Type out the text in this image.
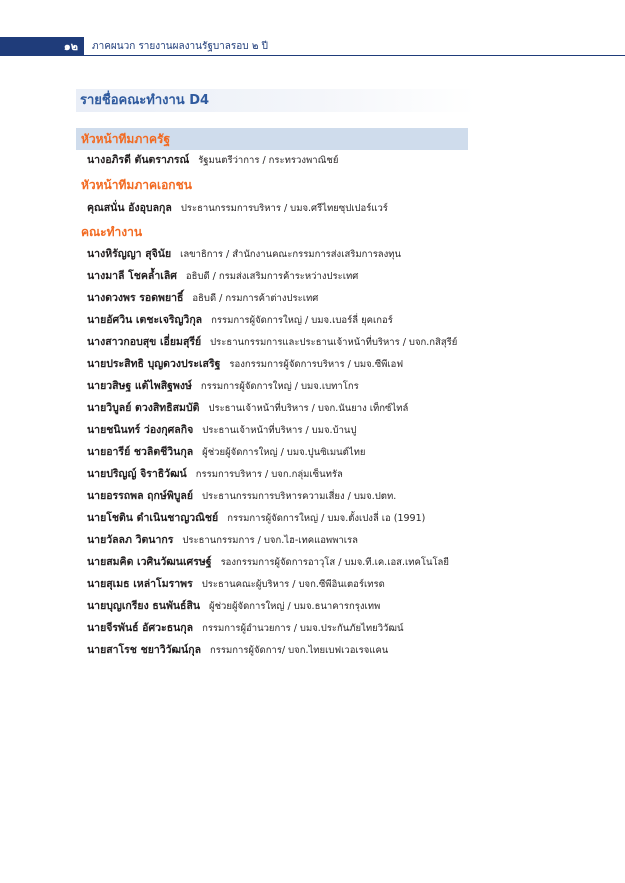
๑๒	ภาคผนวก รายงานผลงานรัฐบาลรอบ ๒ ปี
รายชื่อคณะทำงาน D4
หัวหน้าทีมภาครัฐ
นางอภิรดี ตันตราภรณ์ รัฐมนตรีว่าการ / กระทรวงพาณิชย์
หัวหน้าทีมภาคเอกชน
คุณสนั่น อังอุบลกุล ประธานกรรมการบริหาร / บมจ.ศรีไทยซุปเปอร์แวร์
คณะทำงาน
นางหิรัญญา สุจินัย เลขาธิการ / สำนักงานคณะกรรมการส่งเสริมการลงทุน
นางมาลี โชคล้ำเลิศ อธิบดี / กรมส่งเสริมการค้าระหว่างประเทศ
นางดวงพร รอดพยาธิ์ อธิบดี / กรมการค้าต่างประเทศ
นายอัศวิน เตชะเจริญวิกุล กรรมการผู้จัดการใหญ่ / บมจ.เบอร์ลี่ ยุคเกอร์
นางสาวกอบสุข เอี่ยมสุรีย์ ประธานกรรมการและประธานเจ้าหน้าที่บริหาร / บจก.กสิสุรีย์
นายประสิทธิ บุญดวงประเสริฐ รองกรรมการผู้จัดการบริหาร / บมจ.ซีพีเอฟ
นายวสิษฐ แต้ไพสิฐพงษ์ กรรมการผู้จัดการใหญ่ / บมจ.เบทาโกร
นายวิบูลย์ ตวงสิทธิสมบัติ ประธานเจ้าหน้าที่บริหาร / บจก.นันยาง เท็กซ์ไทล์
นายชนินทร์ ว่องกุศลกิจ ประธานเจ้าหน้าที่บริหาร / บมจ.บ้านปู
นายอารีย์ ชวลิตชีวินกุล ผู้ช่วยผู้จัดการใหญ่ / บมจ.ปูนซิเมนต์ไทย
นายปริญญ์ จิราธิวัฒน์ กรรมการบริหาร / บจก.กลุ่มเซ็นทรัล
นายอรรถพล ฤกษ์พิบูลย์ ประธานกรรมการบริหารความเสี่ยง / บมจ.ปตท.
นายโชติน ดำเนินชาญวณิชย์ กรรมการผู้จัดการใหญ่ / บมจ.ตั้งเปงลี่ เอ (1991)
นายวัลลภ วิตนากร ประธานกรรมการ / บจก.ไฮ-เทคแอพพาเรล
นายสมคิด เวศินวัฒนเศรษฐ์ รองกรรมการผู้จัดการอาวุโส / บมจ.ที.เค.เอส.เทคโนโลยี
นายสุเมธ เหล่าโมราพร ประธานคณะผู้บริหาร / บจก.ซีพีอินเตอร์เทรด
นายบุญเกรียง ธนพันธ์สิน ผู้ช่วยผู้จัดการใหญ่ / บมจ.ธนาคารกรุงเทพ
นายจีรพันธ์ อัศวะธนกุล กรรมการผู้อำนวยการ / บมจ.ประกันภัยไทยวิวัฒน์
นายสาโรช ชยาวิวัฒน์กุล กรรมการผู้จัดการ/ บจก.ไทยเบฟเวอเรจแคน
